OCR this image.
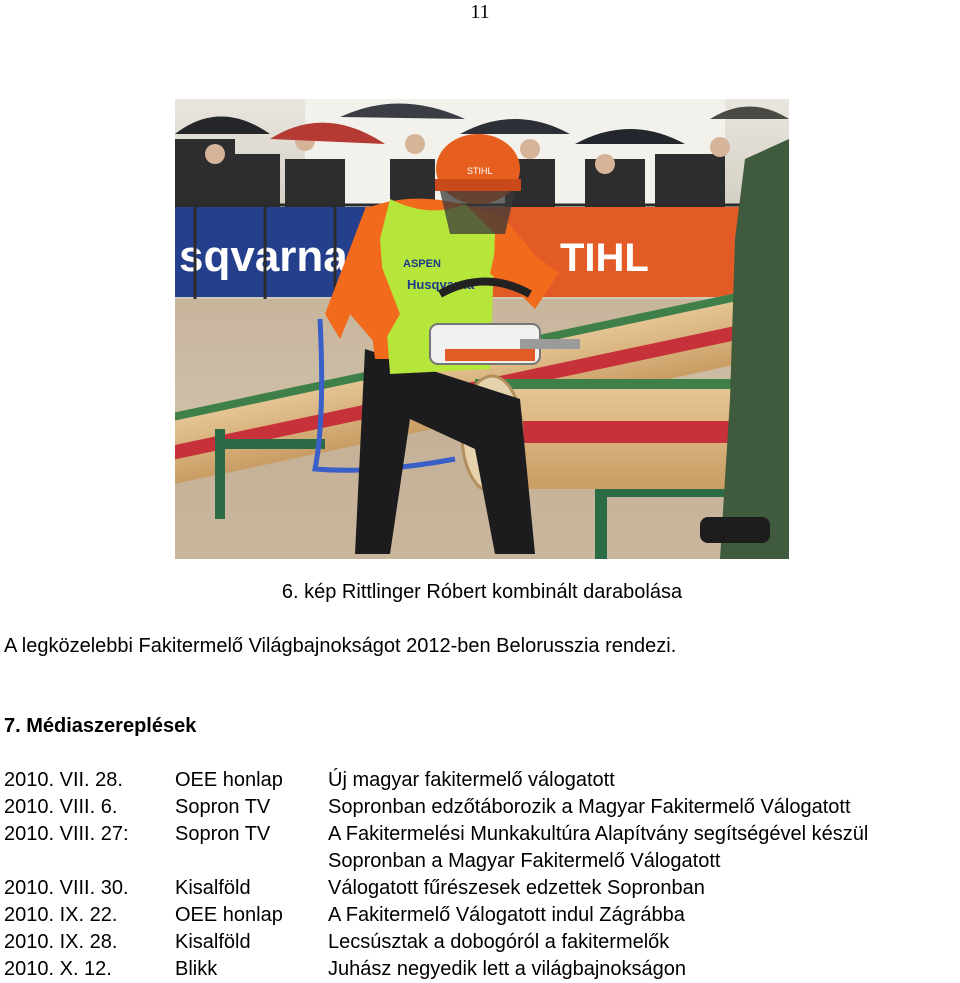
11
sqvarna	TIHL
ASPEN
Husqvarna
STIHL
6. kép Rittlinger Róbert kombinált darabolása
A legközelebbi Fakitermelő Világbajnokságot 2012-ben Belorusszia rendezi.
7. Médiaszereplések
2010. VII. 28.	OEE honlap	Új magyar fakitermelő válogatott
2010. VIII. 6.	Sopron TV	Sopronban edzőtáborozik a Magyar Fakitermelő Válogatott
2010. VIII. 27:	Sopron TV	A Fakitermelési Munkakultúra Alapítvány segítségével készül
Sopronban a Magyar Fakitermelő Válogatott
2010. VIII. 30.	Kisalföld	Válogatott fűrészesek edzettek Sopronban
2010. IX. 22.	OEE honlap	A Fakitermelő Válogatott indul Zágrábba
2010. IX. 28.	Kisalföld	Lecsúsztak a dobogóról a fakitermelők
2010. X. 12.	Blikk	Juhász negyedik lett a világbajnokságon
